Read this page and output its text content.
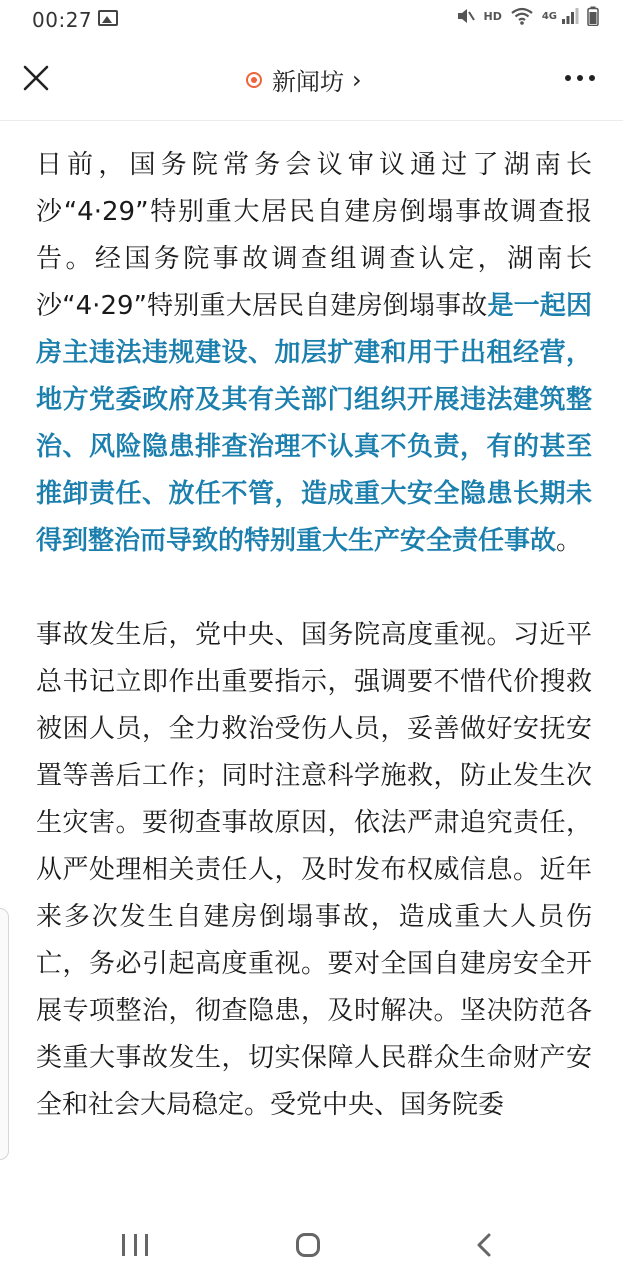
00:27	HD	4G
新闻坊 ›

日前，国务院常务会议审议通过了湖南长沙“4·29”特别重大居民自建房倒塌事故调查报告。经国务院事故调查组调查认定，湖南长沙“4·29”特别重大居民自建房倒塌事故是一起因房主违法违规建设、加层扩建和用于出租经营，地方党委政府及其有关部门组织开展违法建筑整治、风险隐患排查治理不认真不负责，有的甚至推卸责任、放任不管，造成重大安全隐患长期未得到整治而导致的特别重大生产安全责任事故。

事故发生后，党中央、国务院高度重视。习近平总书记立即作出重要指示，强调要不惜代价搜救被困人员，全力救治受伤人员，妥善做好安抚安置等善后工作；同时注意科学施救，防止发生次生灾害。要彻查事故原因，依法严肃追究责任，从严处理相关责任人，及时发布权威信息。近年来多次发生自建房倒塌事故，造成重大人员伤亡，务必引起高度重视。要对全国自建房安全开展专项整治，彻查隐患，及时解决。坚决防范各类重大事故发生，切实保障人民群众生命财产安全和社会大局稳定。受党中央、国务院委
